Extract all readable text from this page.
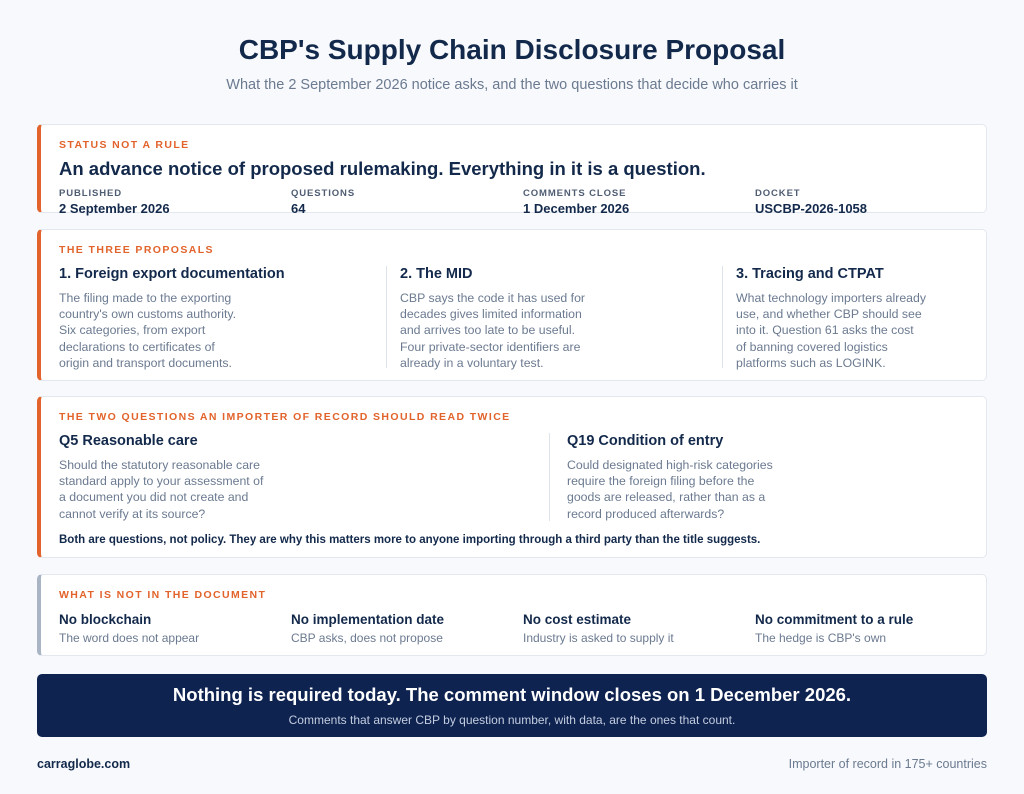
CBP's Supply Chain Disclosure Proposal
What the 2 September 2026 notice asks, and the two questions that decide who carries it
STATUS NOT A RULE
An advance notice of proposed rulemaking. Everything in it is a question.
PUBLISHED
2 September 2026
QUESTIONS
64
COMMENTS CLOSE
1 December 2026
DOCKET
USCBP-2026-1058
THE THREE PROPOSALS
1. Foreign export documentation
The filing made to the exporting
country's own customs authority.
Six categories, from export
declarations to certificates of
origin and transport documents.
2. The MID
CBP says the code it has used for
decades gives limited information
and arrives too late to be useful.
Four private-sector identifiers are
already in a voluntary test.
3. Tracing and CTPAT
What technology importers already
use, and whether CBP should see
into it. Question 61 asks the cost
of banning covered logistics
platforms such as LOGINK.
THE TWO QUESTIONS AN IMPORTER OF RECORD SHOULD READ TWICE
Q5 Reasonable care
Should the statutory reasonable care
standard apply to your assessment of
a document you did not create and
cannot verify at its source?
Q19 Condition of entry
Could designated high-risk categories
require the foreign filing before the
goods are released, rather than as a
record produced afterwards?
Both are questions, not policy. They are why this matters more to anyone importing through a third party than the title suggests.
WHAT IS NOT IN THE DOCUMENT
No blockchain
The word does not appear
No implementation date
CBP asks, does not propose
No cost estimate
Industry is asked to supply it
No commitment to a rule
The hedge is CBP's own
Nothing is required today. The comment window closes on 1 December 2026.
Comments that answer CBP by question number, with data, are the ones that count.
carraglobe.com	Importer of record in 175+ countries
